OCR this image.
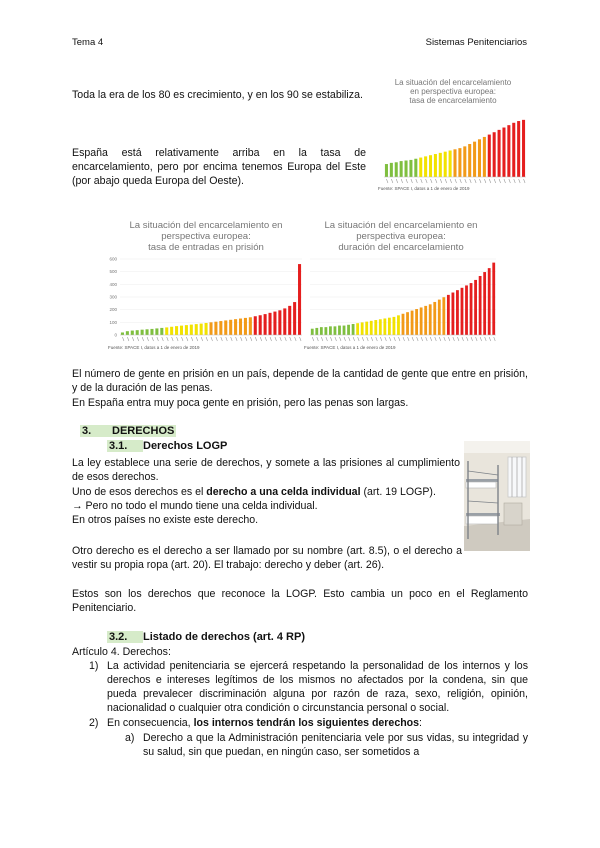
Tema 4	Sistemas Penitenciarios
Toda la era de los 80 es crecimiento, y en los 90 se estabiliza.
España está relativamente arriba en la tasa de encarcelamiento, pero por encima tenemos Europa del Este (por abajo queda Europa del Oeste).
La situación del encarcelamiento
en perspectiva europea:
tasa de encarcelamiento
Fuente: SPACE I, datos a 1 de enero de 2019
La situación del encarcelamiento en
perspectiva europea:
tasa de entradas en prisión
600
500
400
300
200
100
0
Fuente: SPACE I, datos a 1 de enero de 2019
La situación del encarcelamiento en
perspectiva europea:
duración del encarcelamiento
Fuente: SPACE I, datos a 1 de enero de 2019
El número de gente en prisión en un país, depende de la cantidad de gente que entre en prisión, y de la duración de las penas.
En España entra muy poca gente en prisión, pero las penas son largas.
3. DERECHOS
3.1. Derechos LOGP
La ley establece una serie de derechos, y somete a las prisiones al cumplimiento de esos derechos.
Uno de esos derechos es el derecho a una celda individual (art. 19 LOGP).
→ Pero no todo el mundo tiene una celda individual.
En otros países no existe este derecho.
Otro derecho es el derecho a ser llamado por su nombre (art. 8.5), o el derecho a vestir su propia ropa (art. 20). El trabajo: derecho y deber (art. 26).
Estos son los derechos que reconoce la LOGP. Esto cambia un poco en el Reglamento Penitenciario.
3.2. Listado de derechos (art. 4 RP)
Artículo 4. Derechos:
1) La actividad penitenciaria se ejercerá respetando la personalidad de los internos y los derechos e intereses legítimos de los mismos no afectados por la condena, sin que pueda prevalecer discriminación alguna por razón de raza, sexo, religión, opinión, nacionalidad o cualquier otra condición o circunstancia personal o social.
2) En consecuencia, los internos tendrán los siguientes derechos:
a) Derecho a que la Administración penitenciaria vele por sus vidas, su integridad y su salud, sin que puedan, en ningún caso, ser sometidos a
